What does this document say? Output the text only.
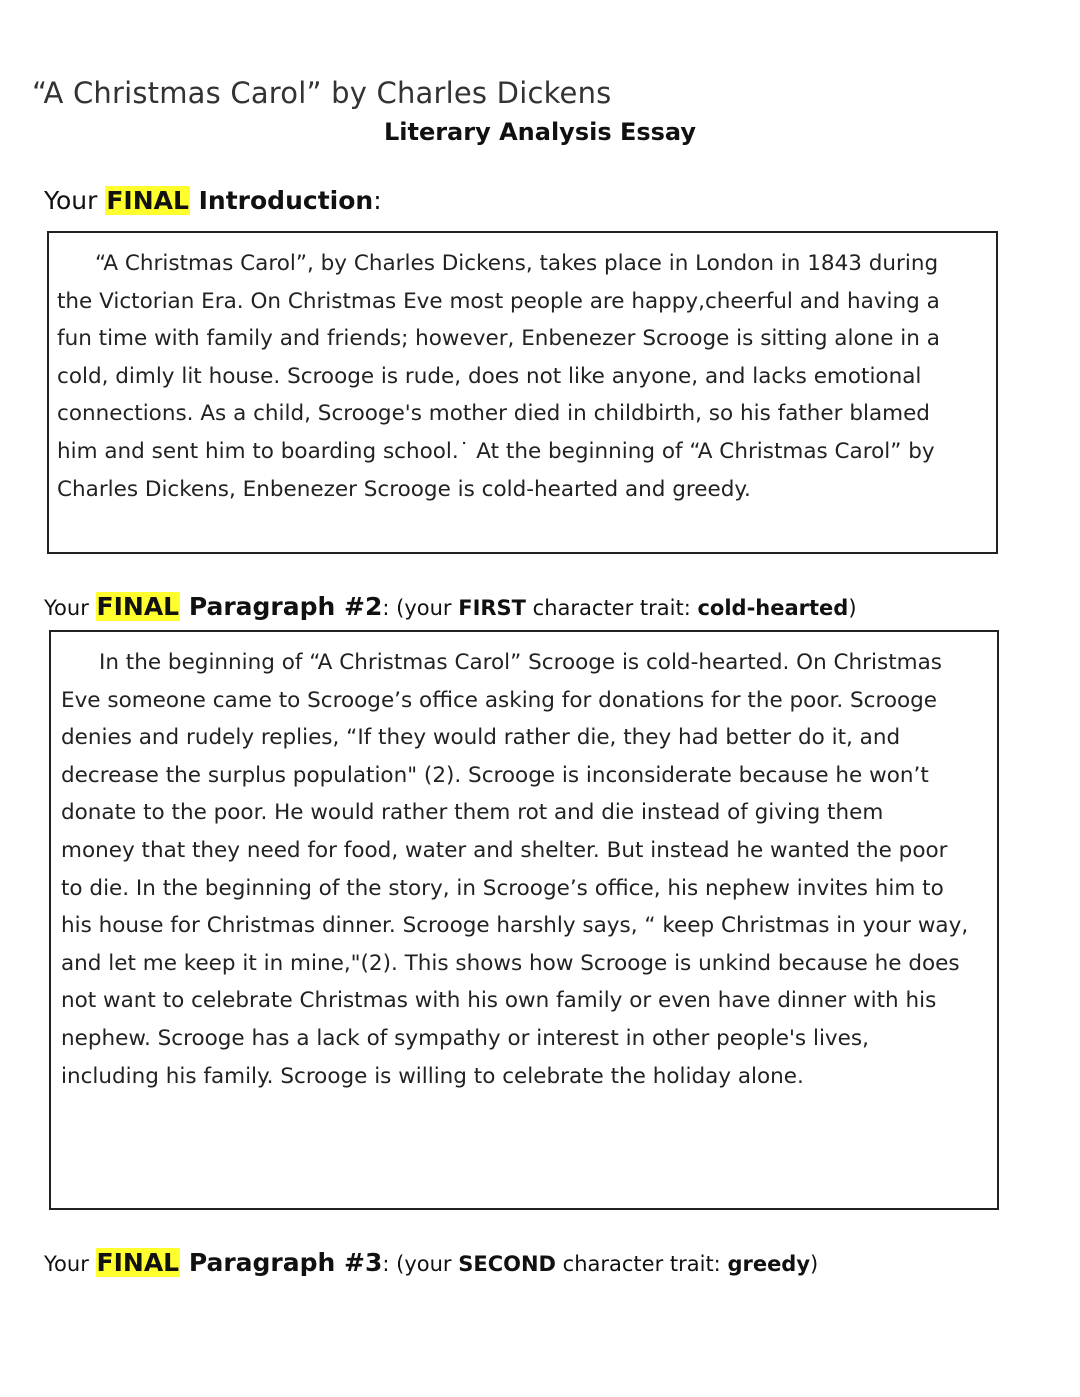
“A Christmas Carol” by Charles Dickens
Literary Analysis Essay
Your FINAL Introduction:

“A Christmas Carol”, by Charles Dickens, takes place in London in 1843 during
the Victorian Era. On Christmas Eve most people are happy,cheerful and having a
fun time with family and friends; however, Enbenezer Scrooge is sitting alone in a
cold, dimly lit house. Scrooge is rude, does not like anyone, and lacks emotional
connections. As a child, Scrooge's mother died in childbirth, so his father blamed
him and sent him to boarding school.˙ At the beginning of “A Christmas Carol” by
Charles Dickens, Enbenezer Scrooge is cold-hearted and greedy.

Your FINAL Paragraph #2: (your FIRST character trait: cold-hearted)

In the beginning of “A Christmas Carol” Scrooge is cold-hearted. On Christmas
Eve someone came to Scrooge’s office asking for donations for the poor. Scrooge
denies and rudely replies, “If they would rather die, they had better do it, and
decrease the surplus population" (2). Scrooge is inconsiderate because he won’t
donate to the poor. He would rather them rot and die instead of giving them
money that they need for food, water and shelter. But instead he wanted the poor
to die. In the beginning of the story, in Scrooge’s office, his nephew invites him to
his house for Christmas dinner. Scrooge harshly says, “ keep Christmas in your way,
and let me keep it in mine,"(2). This shows how Scrooge is unkind because he does
not want to celebrate Christmas with his own family or even have dinner with his
nephew. Scrooge has a lack of sympathy or interest in other people's lives,
including his family. Scrooge is willing to celebrate the holiday alone.

Your FINAL Paragraph #3: (your SECOND character trait: greedy)
